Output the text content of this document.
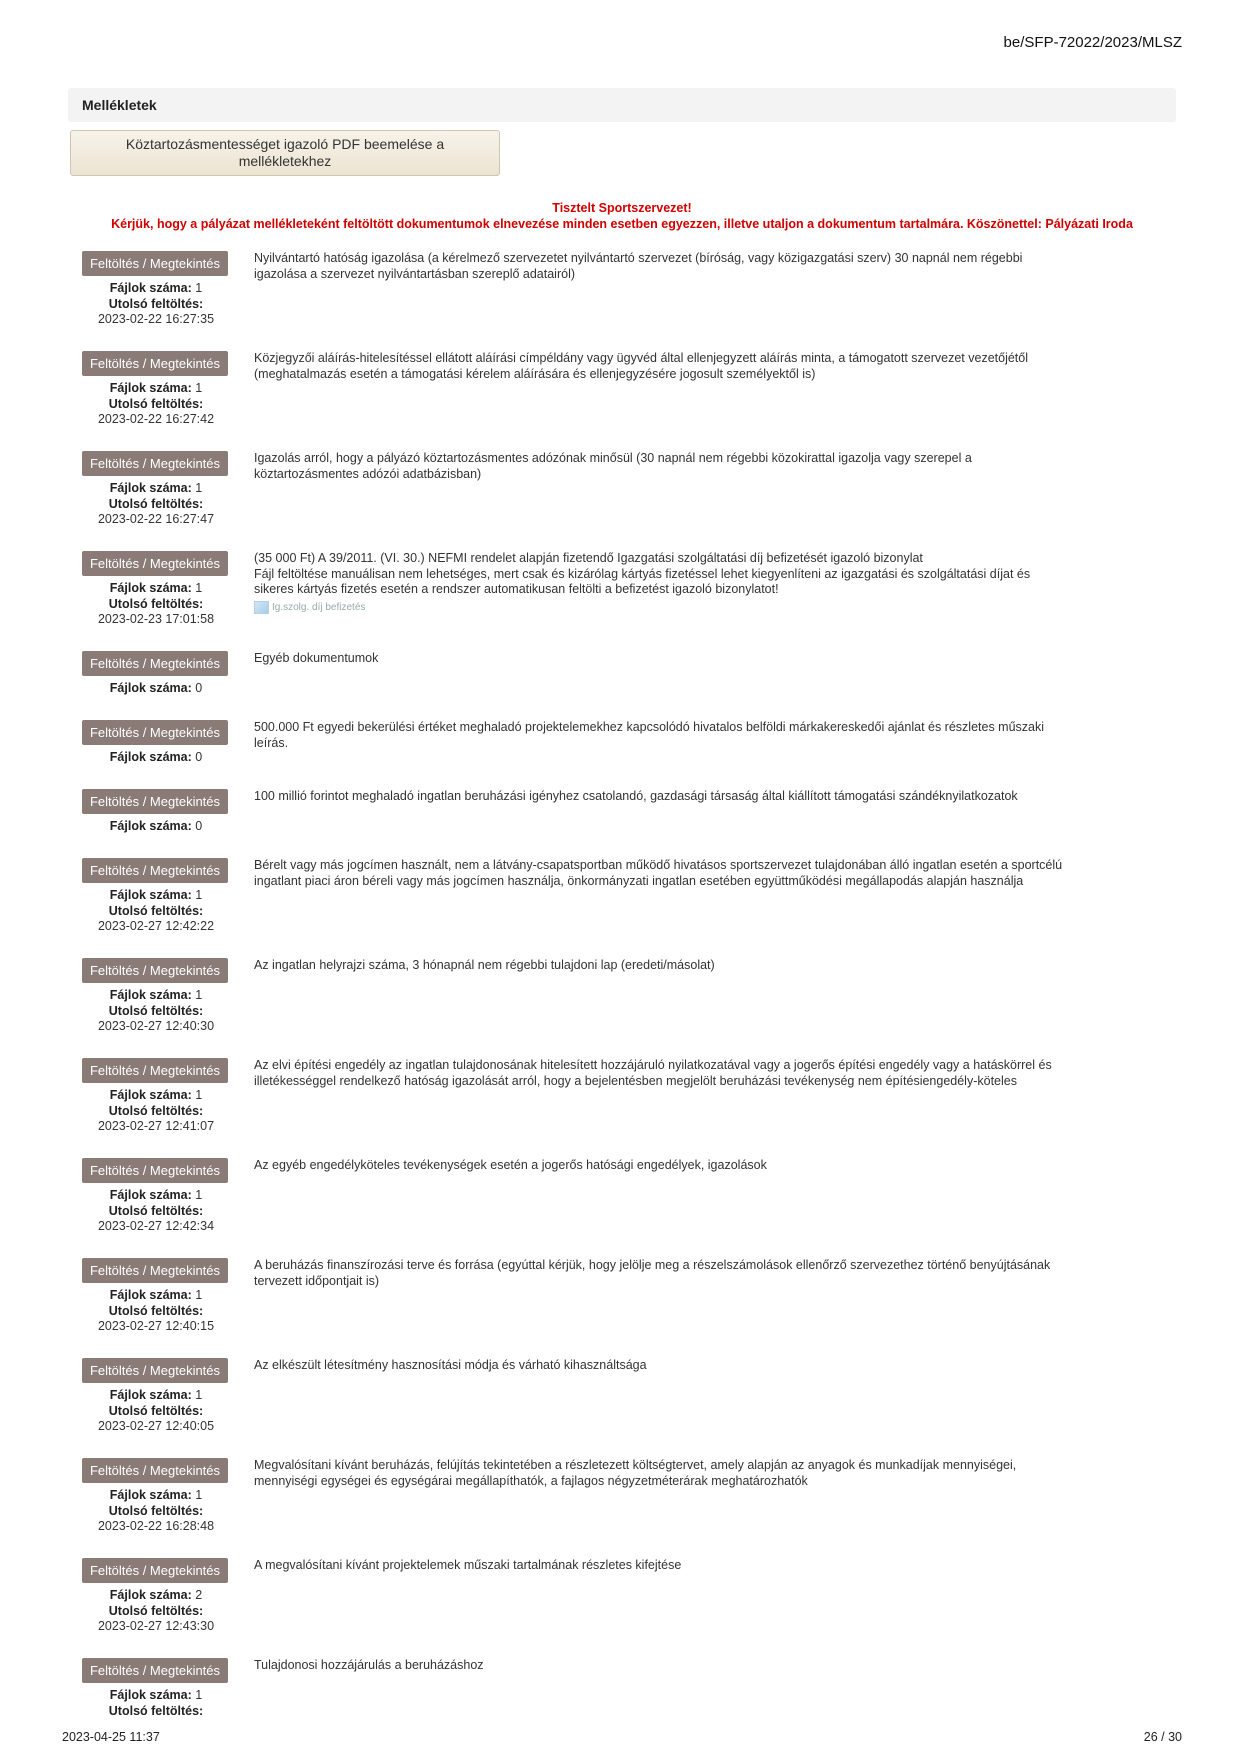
be/SFP-72022/2023/MLSZ
Mellékletek
Köztartozásmentességet igazoló PDF beemelése a
mellékletekhez
Tisztelt Sportszervezet!
Kérjük, hogy a pályázat mellékleteként feltöltött dokumentumok elnevezése minden esetben egyezzen, illetve utaljon a dokumentum tartalmára. Köszönettel: Pályázati Iroda
Feltöltés / Megtekintés
Fájlok száma: 1
Utolsó feltöltés:
2023-02-22 16:27:35
Nyilvántartó hatóság igazolása (a kérelmező szervezetet nyilvántartó szervezet (bíróság, vagy közigazgatási szerv) 30 napnál nem régebbi igazolása a szervezet nyilvántartásban szereplő adatairól)
Feltöltés / Megtekintés
Fájlok száma: 1
Utolsó feltöltés:
2023-02-22 16:27:42
Közjegyzői aláírás-hitelesítéssel ellátott aláírási címpéldány vagy ügyvéd által ellenjegyzett aláírás minta, a támogatott szervezet vezetőjétől (meghatalmazás esetén a támogatási kérelem aláírására és ellenjegyzésére jogosult személyektől is)
Feltöltés / Megtekintés
Fájlok száma: 1
Utolsó feltöltés:
2023-02-22 16:27:47
Igazolás arról, hogy a pályázó köztartozásmentes adózónak minősül (30 napnál nem régebbi közokirattal igazolja vagy szerepel a köztartozásmentes adózói adatbázisban)
Feltöltés / Megtekintés
Fájlok száma: 1
Utolsó feltöltés:
2023-02-23 17:01:58
(35 000 Ft) A 39/2011. (VI. 30.) NEFMI rendelet alapján fizetendő Igazgatási szolgáltatási díj befizetését igazoló bizonylat
Fájl feltöltése manuálisan nem lehetséges, mert csak és kizárólag kártyás fizetéssel lehet kiegyenlíteni az igazgatási és szolgáltatási díjat és sikeres kártyás fizetés esetén a rendszer automatikusan feltölti a befizetést igazoló bizonylatot!
Ig.szolg. díj befizetés
Feltöltés / Megtekintés
Fájlok száma: 0
Egyéb dokumentumok
Feltöltés / Megtekintés
Fájlok száma: 0
500.000 Ft egyedi bekerülési értéket meghaladó projektelemekhez kapcsolódó hivatalos belföldi márkakereskedői ajánlat és részletes műszaki leírás.
Feltöltés / Megtekintés
Fájlok száma: 0
100 millió forintot meghaladó ingatlan beruházási igényhez csatolandó, gazdasági társaság által kiállított támogatási szándéknyilatkozatok
Feltöltés / Megtekintés
Fájlok száma: 1
Utolsó feltöltés:
2023-02-27 12:42:22
Bérelt vagy más jogcímen használt, nem a látvány-csapatsportban működő hivatásos sportszervezet tulajdonában álló ingatlan esetén a sportcélú ingatlant piaci áron béreli vagy más jogcímen használja, önkormányzati ingatlan esetében együttműködési megállapodás alapján használja
Feltöltés / Megtekintés
Fájlok száma: 1
Utolsó feltöltés:
2023-02-27 12:40:30
Az ingatlan helyrajzi száma, 3 hónapnál nem régebbi tulajdoni lap (eredeti/másolat)
Feltöltés / Megtekintés
Fájlok száma: 1
Utolsó feltöltés:
2023-02-27 12:41:07
Az elvi építési engedély az ingatlan tulajdonosának hitelesített hozzájáruló nyilatkozatával vagy a jogerős építési engedély vagy a hatáskörrel és illetékességgel rendelkező hatóság igazolását arról, hogy a bejelentésben megjelölt beruházási tevékenység nem építésiengedély-köteles
Feltöltés / Megtekintés
Fájlok száma: 1
Utolsó feltöltés:
2023-02-27 12:42:34
Az egyéb engedélyköteles tevékenységek esetén a jogerős hatósági engedélyek, igazolások
Feltöltés / Megtekintés
Fájlok száma: 1
Utolsó feltöltés:
2023-02-27 12:40:15
A beruházás finanszírozási terve és forrása (egyúttal kérjük, hogy jelölje meg a részelszámolások ellenőrző szervezethez történő benyújtásának tervezett időpontjait is)
Feltöltés / Megtekintés
Fájlok száma: 1
Utolsó feltöltés:
2023-02-27 12:40:05
Az elkészült létesítmény hasznosítási módja és várható kihasználtsága
Feltöltés / Megtekintés
Fájlok száma: 1
Utolsó feltöltés:
2023-02-22 16:28:48
Megvalósítani kívánt beruházás, felújítás tekintetében a részletezett költségtervet, amely alapján az anyagok és munkadíjak mennyiségei, mennyiségi egységei és egységárai megállapíthatók, a fajlagos négyzetméterárak meghatározhatók
Feltöltés / Megtekintés
Fájlok száma: 2
Utolsó feltöltés:
2023-02-27 12:43:30
A megvalósítani kívánt projektelemek műszaki tartalmának részletes kifejtése
Feltöltés / Megtekintés
Fájlok száma: 1
Utolsó feltöltés:
Tulajdonosi hozzájárulás a beruházáshoz
2023-04-25 11:37	26 / 30
